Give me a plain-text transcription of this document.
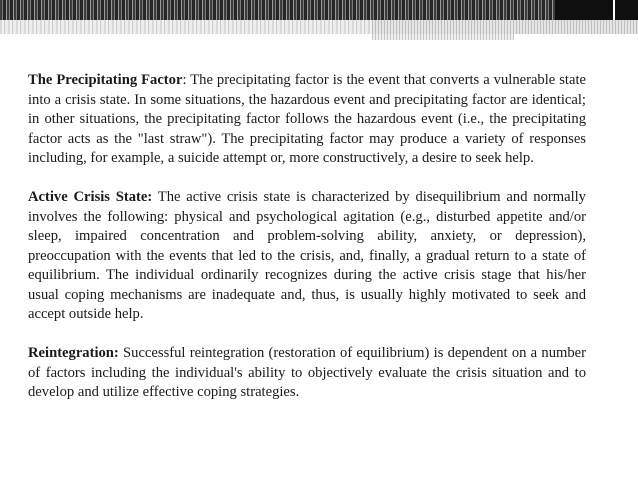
The Precipitating Factor: The precipitating factor is the event that converts a vulnerable state into a crisis state. In some situations, the hazardous event and precipitating factor are identical; in other situations, the precipitating factor follows the hazardous event (i.e., the precipitating factor acts as the "last straw"). The precipitating factor may produce a variety of responses including, for example, a suicide attempt or, more constructively, a desire to seek help.

Active Crisis State: The active crisis state is characterized by disequilibrium and normally involves the following: physical and psychological agitation (e.g., disturbed appetite and/or sleep, impaired concentration and problem-solving ability, anxiety, or depression), preoccupation with the events that led to the crisis, and, finally, a gradual return to a state of equilibrium. The individual ordinarily recognizes during the active crisis stage that his/her usual coping mechanisms are inadequate and, thus, is usually highly motivated to seek and accept outside help.

Reintegration: Successful reintegration (restoration of equilibrium) is dependent on a number of factors including the individual's ability to objectively evaluate the crisis situation and to develop and utilize effective coping strategies.
